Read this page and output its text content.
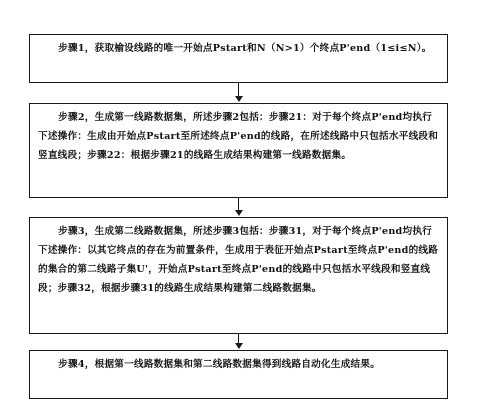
步骤1，获取榆设线路的唯一开始点Pstart和N（N>1）个终点P'end（1≤i≤N）。

步骤2，生成第一线路数据集，所述步骤2包括：步骤21：对于每个终点P'end均执行下述操作：生成由开始点Pstart至所述终点P'end的线路，在所述线路中只包括水平线段和竖直线段；步骤22：根据步骤21的线路生成结果构建第一线路数据集。

步骤3，生成第二线路数据集，所述步骤3包括：步骤31，对于每个终点P'end均执行下述操作：以其它终点的存在为前置条件，生成用于表征开始点Pstart至终点P'end的线路的集合的第二线路子集U'，开始点Pstart至终点P'end的线路中只包括水平线段和竖直线段；步骤32，根据步骤31的线路生成结果构建第二线路数据集。

步骤4，根据第一线路数据集和第二线路数据集得到线路自动化生成结果。
